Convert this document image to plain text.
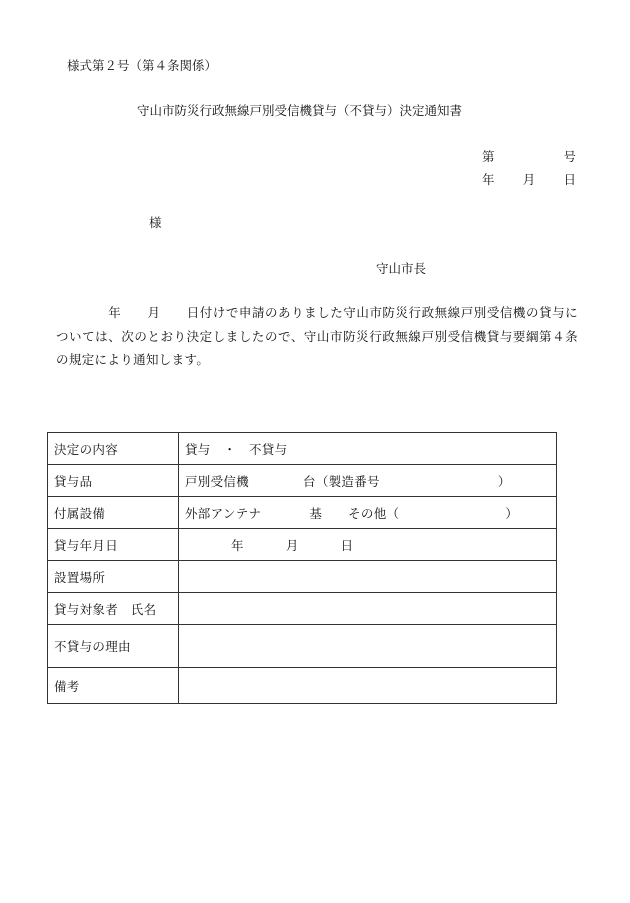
様式第２号（第４条関係）
守山市防災行政無線戸別受信機貸与（不貸与）決定通知書
第	号
年 月 日
様
守山市長
年 月 日付けで申請のありました守山市防災行政無線戸別受信機の貸与については、次のとおり決定しましたので、守山市防災行政無線戸別受信機貸与要綱第４条の規定により通知します。
決定の内容	貸与　・　不貸与
貸与品	戸別受信機 台（製造番号 ）
付属設備	外部アンテナ 基 その他（ ）
貸与年月日	年 月 日
設置場所	
貸与対象者　氏名	
不貸与の理由	
備考	
